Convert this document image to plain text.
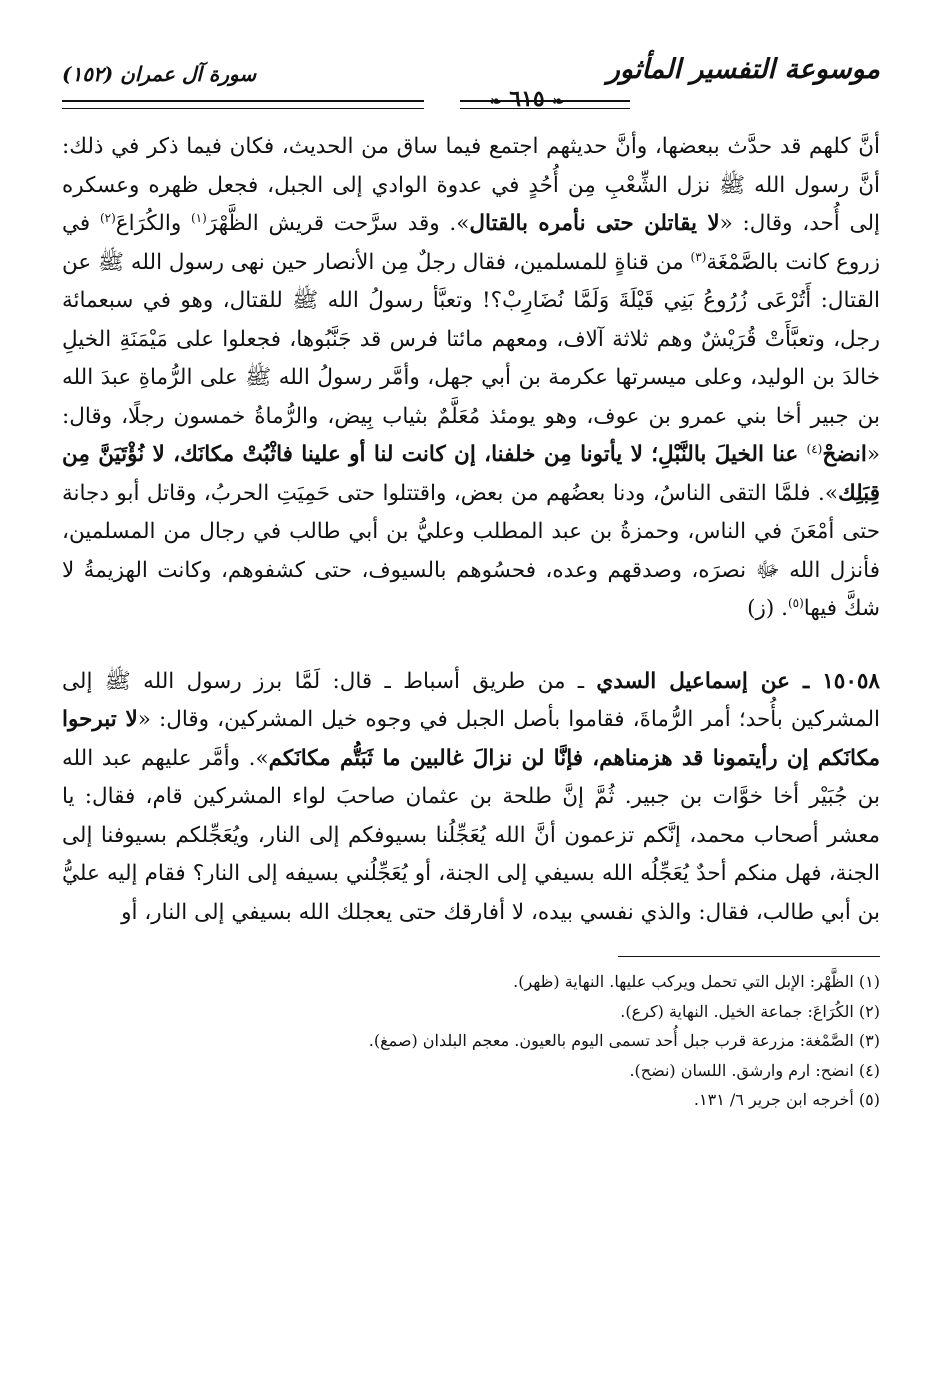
موسوعة التفسير المأثور
❧ ٦١٥ ❧
سورة آل عمران (١٥٢)

أنَّ كلهم قد حدَّث ببعضها، وأنَّ حديثهم اجتمع فيما ساق من الحديث، فكان فيما ذكر في ذلك: أنَّ رسول الله ﷺ نزل الشِّعْبِ مِن أُحُدٍ في عدوة الوادي إلى الجبل، فجعل ظهره وعسكره إلى أُحد، وقال: «لا يقاتلن حتى نأمره بالقتال». وقد سرَّحت قريش الظَّهْرَ$^{(١)}$ والكُرَاعَ$^{(٢)}$ في زروع كانت بالصَّمْغَة$^{(٣)}$ من قناةٍ للمسلمين، فقال رجلٌ مِن الأنصار حين نهى رسول الله ﷺ عن القتال: أَتُرْعَى زُرُوعُ بَنِي قَيْلَةَ وَلَمَّا نُضَارِبْ؟! وتعبَّأ رسولُ الله ﷺ للقتال، وهو في سبعمائة رجل، وتعبَّأَتْ قُرَيْشٌ وهم ثلاثة آلاف، ومعهم مائتا فرس قد جَنَّبُوها، فجعلوا على مَيْمَنَةِ الخيلِ خالدَ بن الوليد، وعلى ميسرتها عكرمة بن أبي جهل، وأمَّر رسولُ الله ﷺ على الرُّماةِ عبدَ الله بن جبير أخا بني عمرو بن عوف، وهو يومئذ مُعَلَّمٌ بثياب بِيض، والرُّماةُ خمسون رجلًا، وقال: «انضحْ$^{(٤)}$ عنا الخيلَ بالنَّبْلِ؛ لا يأتونا مِن خلفنا، إن كانت لنا أو علينا فاثْبُتْ مكانَك، لا نُؤْتَيَنَّ مِن قِبَلِك». فلمَّا التقى الناسُ، ودنا بعضُهم من بعض، واقتتلوا حتى حَمِيَتِ الحربُ، وقاتل أبو دجانة حتى أمْعَنَ في الناس، وحمزةُ بن عبد المطلب وعليُّ بن أبي طالب في رجال من المسلمين، فأنزل الله ﷻ نصرَه، وصدقهم وعده، فحسُوهم بالسيوف، حتى كشفوهم، وكانت الهزيمةُ لا شكَّ فيها$^{(٥)}$. (ز)

١٥٠٥٨ ـ عن إسماعيل السدي ـ من طريق أسباط ـ قال: لَمَّا برز رسول الله ﷺ إلى المشركين بأُحد؛ أمر الرُّماةَ، فقاموا بأصل الجبل في وجوه خيل المشركين، وقال: «لا تبرحوا مكانَكم إن رأيتمونا قد هزمناهم، فإنَّا لن نزالَ غالبين ما ثَبَتُّم مكانَكم». وأمَّر عليهم عبد الله بن جُبَيْر أخا خوَّات بن جبير. ثُمَّ إنَّ طلحة بن عثمان صاحبَ لواء المشركين قام، فقال: يا معشر أصحاب محمد، إنَّكم تزعمون أنَّ الله يُعَجِّلُنا بسيوفكم إلى النار، ويُعَجِّلكم بسيوفنا إلى الجنة، فهل منكم أحدٌ يُعَجِّلُه الله بسيفي إلى الجنة، أو يُعَجِّلُني بسيفه إلى النار؟ فقام إليه عليُّ بن أبي طالب، فقال: والذي نفسي بيده، لا أفارقك حتى يعجلك الله بسيفي إلى النار، أو

(١) الظَّهْر: الإبل التي تحمل ويركب عليها. النهاية (ظهر).

(٢) الكُرَاعَ: جماعة الخيل. النهاية (كرع).

(٣) الصَّمْغة: مزرعة قرب جبل أُحد تسمى اليوم بالعيون. معجم البلدان (صمغ).

(٤) انضح: ارم وارشق. اللسان (نضح).

(٥) أخرجه ابن جرير ٦/ ١٣١.
